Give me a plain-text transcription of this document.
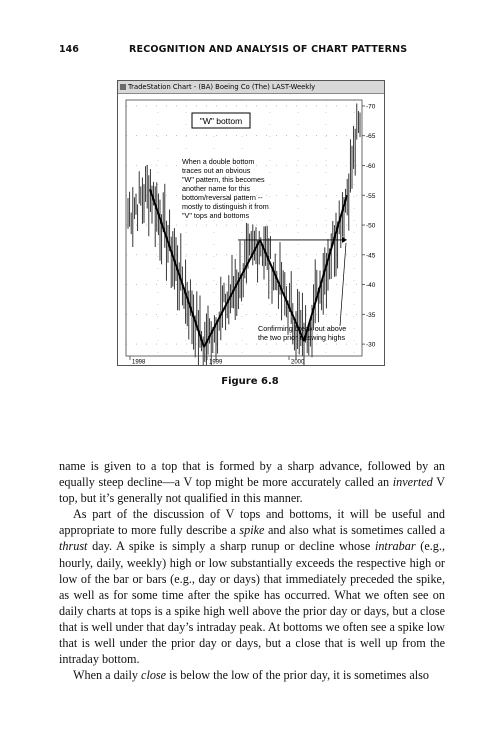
146	RECOGNITION AND ANALYSIS OF CHART PATTERNS
TradeStation Chart - (BA) Boeing Co (The) LAST-Weekly
-30
-35
-40
-45
-50
-55
-60
-65
-70
1998	1999	2000
"W" bottom
When a double bottom
traces out an obvious
"W" pattern, this becomes
another name for this
bottom/reversal pattern --
mostly to distinguish it from
"V" tops and bottoms
Confirming break out above
the two prior upswing highs
Figure 6.8

name is given to a top that is formed by a sharp advance, followed by an equally steep decline—a V top might be more accurately called an inverted V top, but it’s generally not qualified in this manner.

As part of the discussion of V tops and bottoms, it will be useful and appropriate to more fully describe a spike and also what is sometimes called a thrust day. A spike is simply a sharp runup or decline whose intrabar (e.g., hourly, daily, weekly) high or low substantially exceeds the respective high or low of the bar or bars (e.g., day or days) that immediately preceded the spike, as well as for some time after the spike has occurred. What we often see on daily charts at tops is a spike high well above the prior day or days, but a close that is well under that day’s intraday peak. At bottoms we often see a spike low that is well under the prior day or days, but a close that is well up from the intraday bottom.

When a daily close is below the low of the prior day, it is sometimes also
